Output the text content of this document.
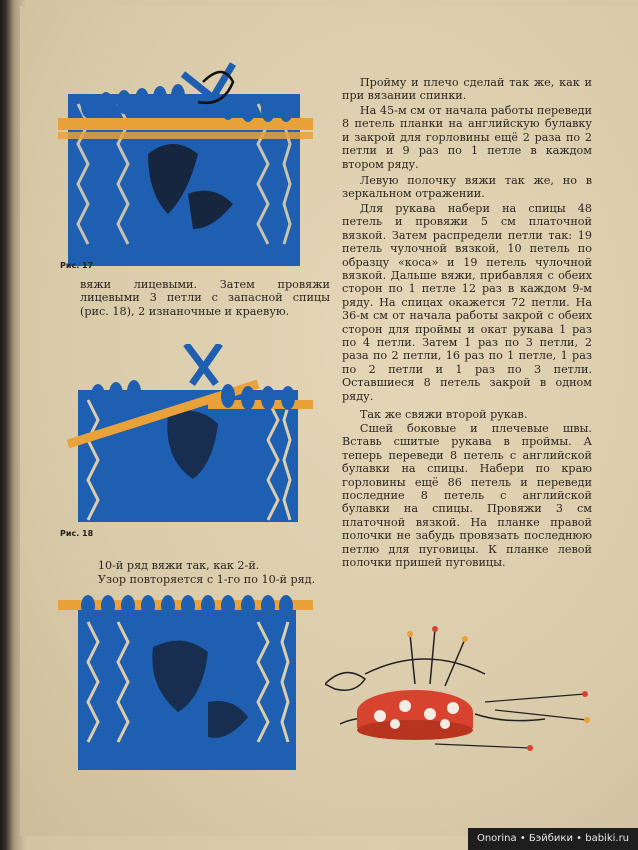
Рис. 17

вяжи лицевыми. Затем провяжи лицевыми 3 петли с запасной спицы (рис. 18), 2 изнаночные и краевую.

Рис. 18

10-й ряд вяжи так, как 2-й.

Узор повторяется с 1-го по 10-й ряд.

Пройму и плечо сделай так же, как и при вязании спинки.

На 45-м см от начала работы переведи 8 петель планки на английскую булавку и закрой для горловины ещё 2 раза по 2 петли и 9 раз по 1 петле в каждом втором ряду.

Левую полочку вяжи так же, но в зеркальном отражении.

Для рукава набери на спицы 48 петель и провяжи 5 см платочной вязкой. Затем распредели петли так: 19 петель чулочной вязкой, 10 петель по образцу «коса» и 19 петель чулочной вязкой. Дальше вяжи, прибавляя с обеих сторон по 1 петле 12 раз в каждом 9-м ряду. На спицах окажется 72 петли. На 36-м см от начала работы закрой с обеих сторон для проймы и окат рукава 1 раз по 4 петли. Затем 1 раз по 3 петли, 2 раза по 2 петли, 16 раз по 1 петле, 1 раз по 2 петли и 1 раз по 3 петли. Оставшиеся 8 петель закрой в одном ряду.

Так же свяжи второй рукав.

Сшей боковые и плечевые швы. Вставь сшитые рукава в проймы. А теперь переведи 8 петель с английской булавки на спицы. Набери по краю горловины ещё 86 петель и переведи последние 8 петель с английской булавки на спицы. Провяжи 3 см платочной вязкой. На планке правой полочки не забудь провязать последнюю петлю для пуговицы. К планке левой полочки пришей пуговицы.

Onorina • Бэйбики • babiki.ru
